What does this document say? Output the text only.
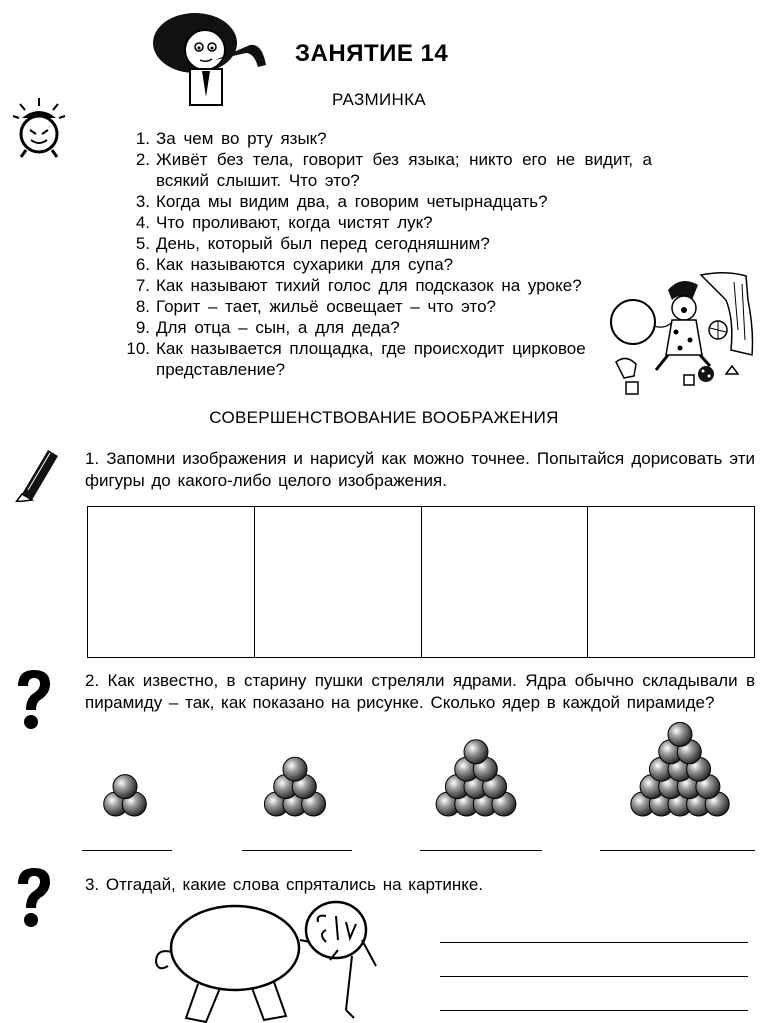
ЗАНЯТИЕ 14
РАЗМИНКА
1. За чем во рту язык?
2. Живёт без тела, говорит без языка; никто его не видит, а всякий слышит. Что это?
3. Когда мы видим два, а говорим четырнадцать?
4. Что проливают, когда чистят лук?
5. День, который был перед сегодняшним?
6. Как называются сухарики для супа?
7. Как называют тихий голос для подсказок на уроке?
8. Горит – тает, жильё освещает – что это?
9. Для отца – сын, а для деда?
10. Как называется площадка, где происходит цирковое представление?
СОВЕРШЕНСТВОВАНИЕ ВООБРАЖЕНИЯ
1. Запомни изображения и нарисуй как можно точнее. Попытайся дорисовать эти фигуры до какого-либо целого изображения.
2. Как известно, в старину пушки стреляли ядрами. Ядра обычно складывали в пирамиду – так, как показано на рисунке. Сколько ядер в каждой пирамиде?
3. Отгадай, какие слова спрятались на картинке.
